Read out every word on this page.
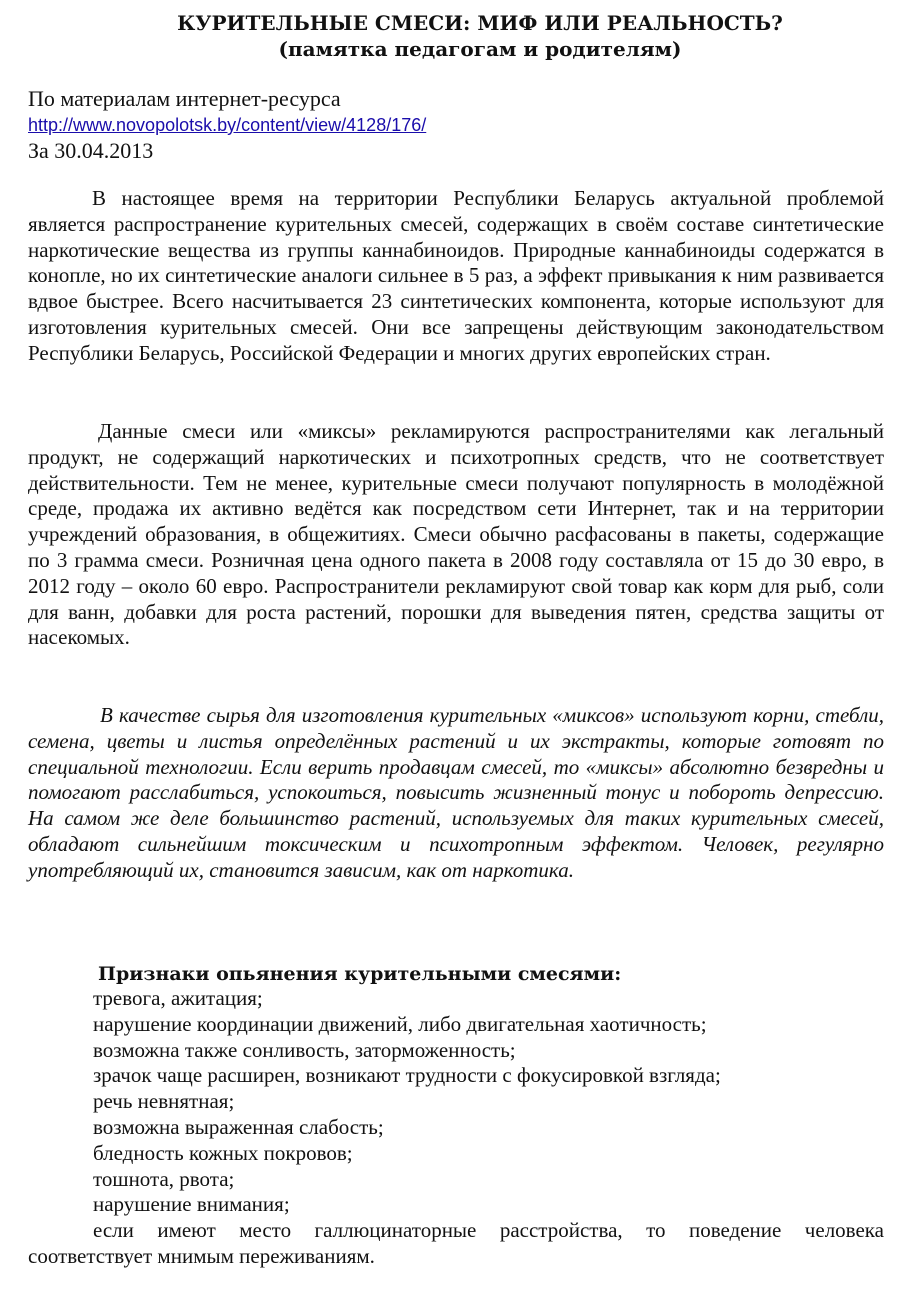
КУРИТЕЛЬНЫЕ СМЕСИ: МИФ ИЛИ РЕАЛЬНОСТЬ?
(памятка педагогам и родителям)
По материалам интернет-ресурса
http://www.novopolotsk.by/content/view/4128/176/
За 30.04.2013
В настоящее время на территории Республики Беларусь актуальной проблемой является распространение курительных смесей, содержащих в своём составе синтетические наркотические вещества из группы каннабиноидов. Природные каннабиноиды содержатся в конопле, но их синтетические аналоги сильнее в 5 раз, а эффект привыкания к ним развивается вдвое быстрее. Всего насчитывается 23 синтетических компонента, которые используют для изготовления курительных смесей. Они все запрещены действующим законодательством Республики Беларусь, Российской Федерации и многих других европейских стран.
Данные смеси или «миксы» рекламируются распространителями как легальный продукт, не содержащий наркотических и психотропных средств, что не соответствует действительности. Тем не менее, курительные смеси получают популярность в молодёжной среде, продажа их активно ведётся как посредством сети Интернет, так и на территории учреждений образования, в общежитиях. Смеси обычно расфасованы в пакеты, содержащие по 3 грамма смеси. Розничная цена одного пакета в 2008 году составляла от 15 до 30 евро, в 2012 году – около 60 евро. Распространители рекламируют свой товар как корм для рыб, соли для ванн, добавки для роста растений, порошки для выведения пятен, средства защиты от насекомых.
В качестве сырья для изготовления курительных «миксов» используют корни, стебли, семена, цветы и листья определённых растений и их экстракты, которые готовят по специальной технологии. Если верить продавцам смесей, то «миксы» абсолютно безвредны и помогают расслабиться, успокоиться, повысить жизненный тонус и побороть депрессию. На самом же деле большинство растений, используемых для таких курительных смесей, обладают сильнейшим токсическим и психотропным эффектом. Человек, регулярно употребляющий их, становится зависим, как от наркотика.
Признаки опьянения курительными смесями:
тревога, ажитация;
нарушение координации движений, либо двигательная хаотичность;
возможна также сонливость, заторможенность;
зрачок чаще расширен, возникают трудности с фокусировкой взгляда;
речь невнятная;
возможна выраженная слабость;
бледность кожных покровов;
тошнота, рвота;
нарушение внимания;
если имеют место галлюцинаторные расстройства, то поведение человека соответствует мнимым переживаниям.
